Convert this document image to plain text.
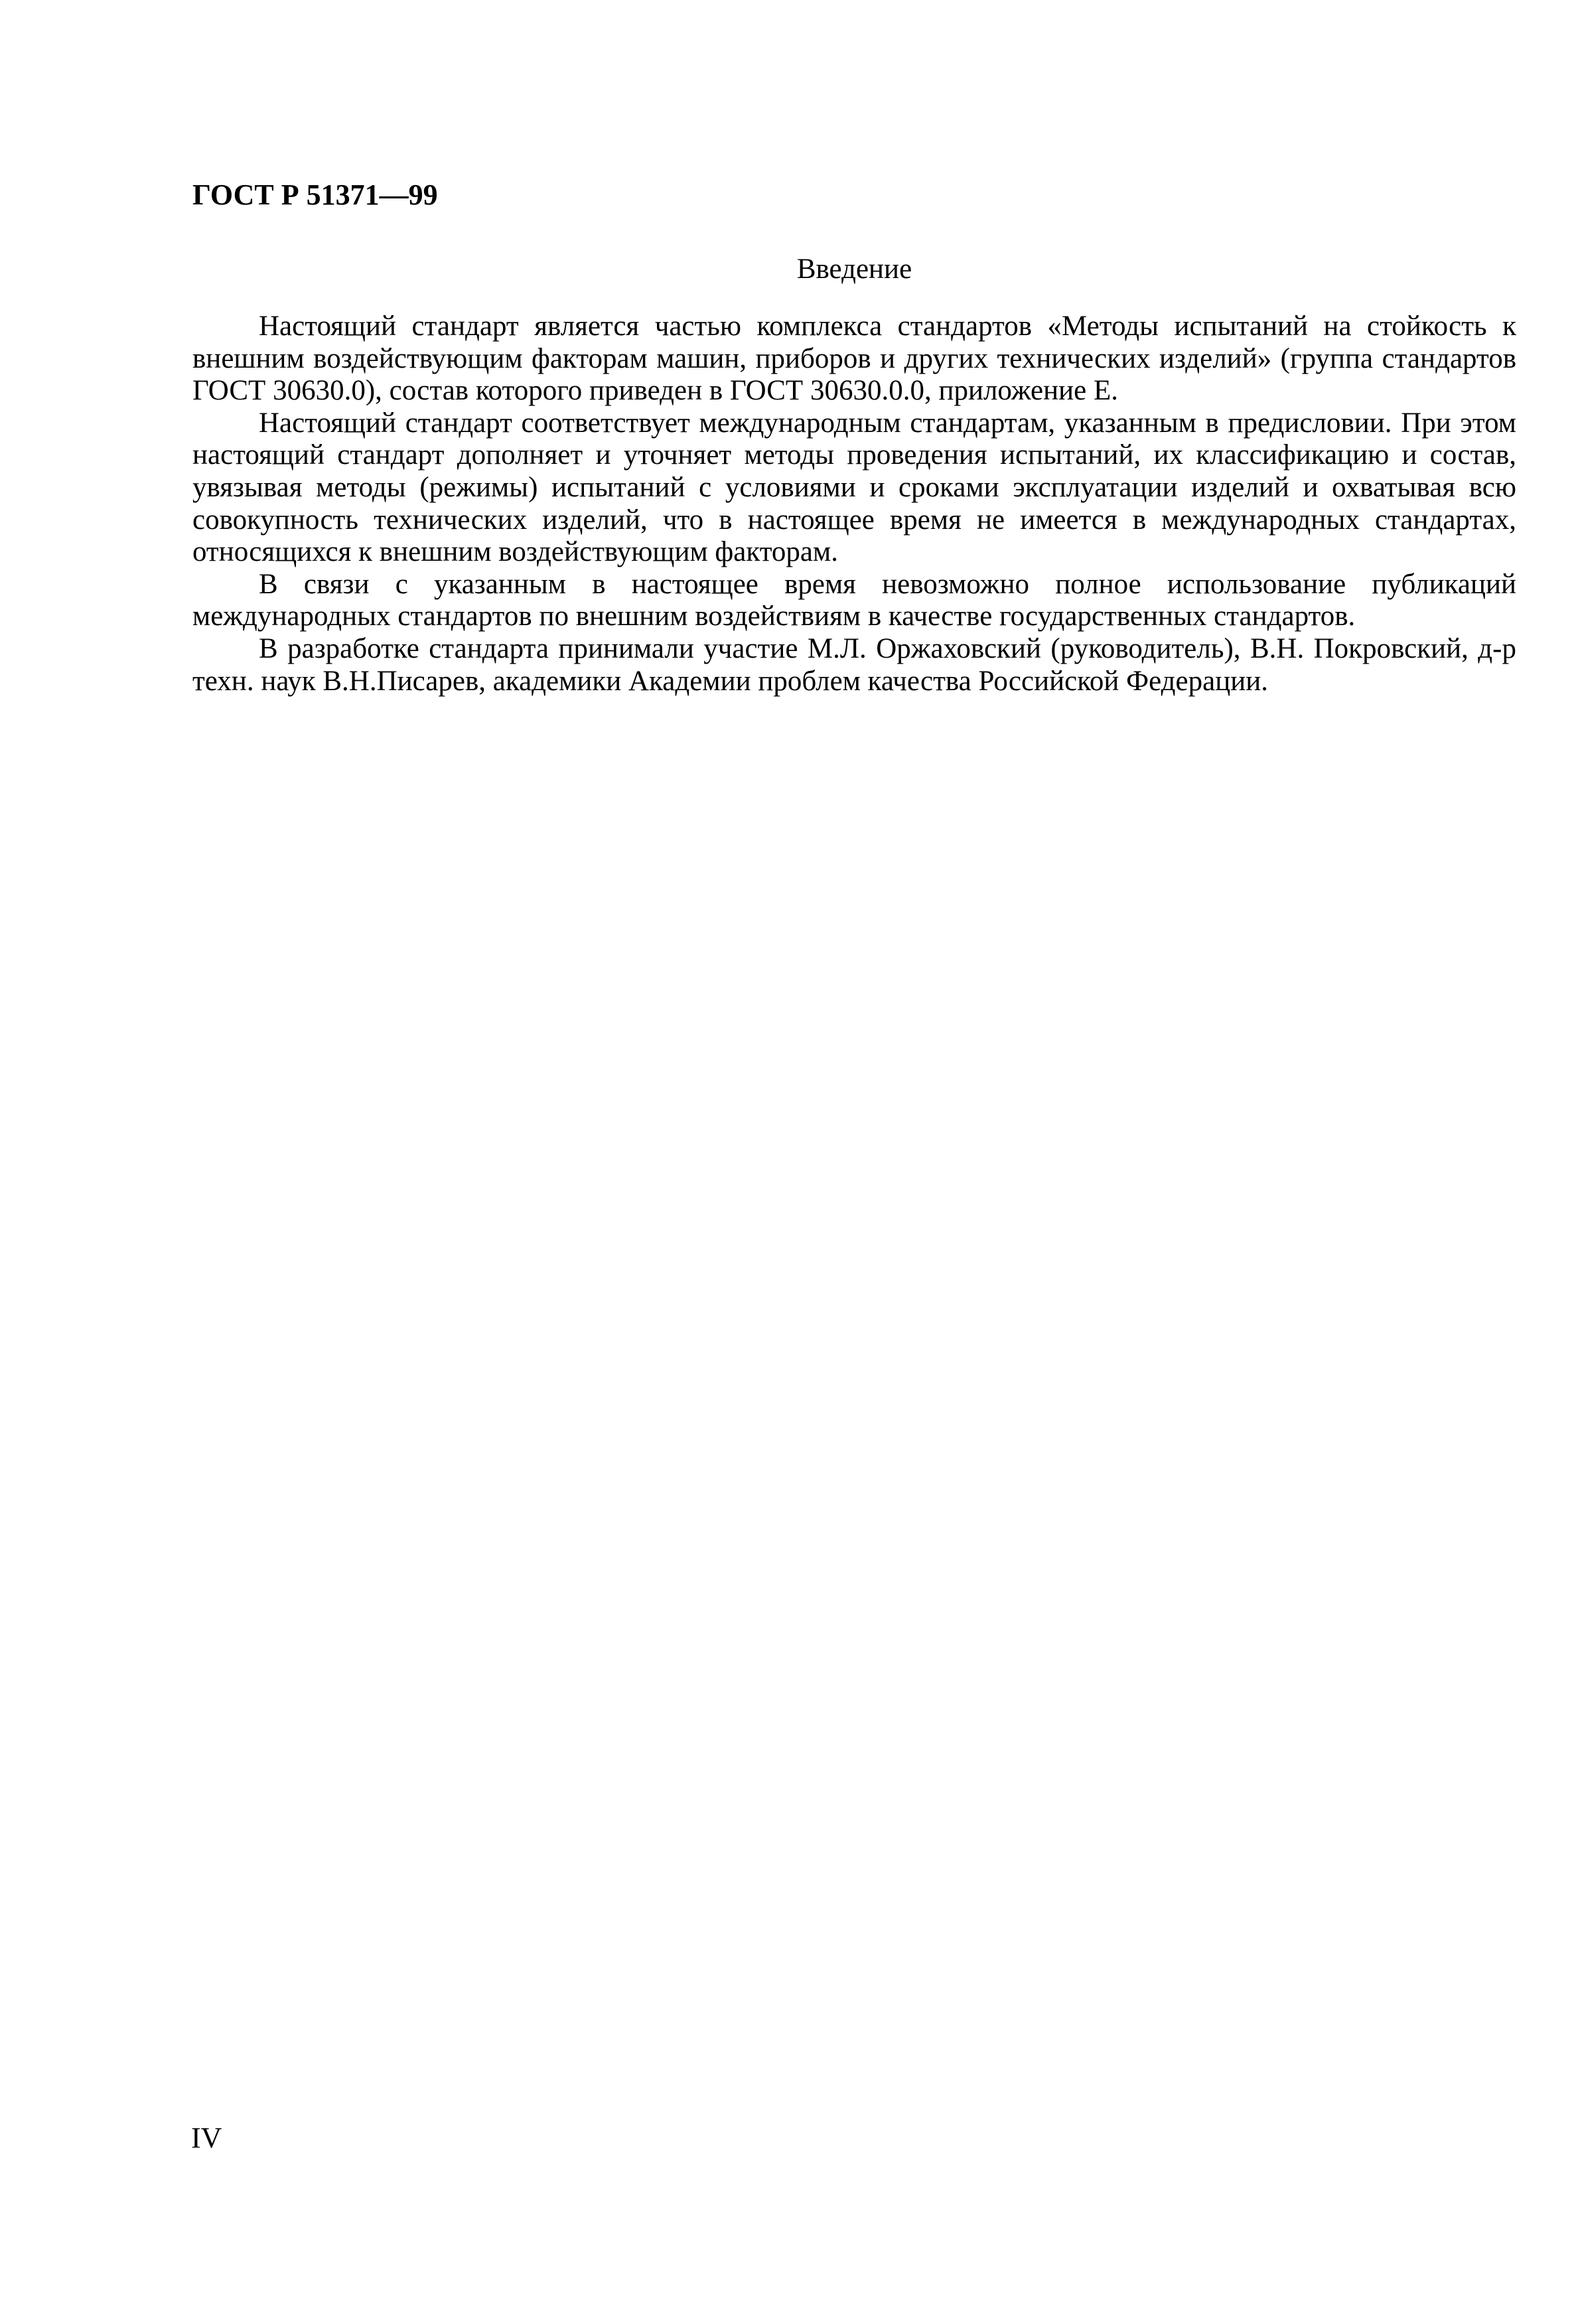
ГОСТ Р 51371—99
Введение

Настоящий стандарт является частью комплекса стандартов «Методы испытаний на стойкость к внешним воздействующим факторам машин, приборов и других технических изделий» (группа стандартов ГОСТ 30630.0), состав которого приведен в ГОСТ 30630.0.0, приложение Е.

Настоящий стандарт соответствует международным стандартам, указанным в предисловии. При этом настоящий стандарт дополняет и уточняет методы проведения испытаний, их классификацию и состав, увязывая методы (режимы) испытаний с условиями и сроками эксплуатации изделий и охватывая всю совокупность технических изделий, что в настоящее время не имеется в международных стандартах, относящихся к внешним воздействующим факторам.

В связи с указанным в настоящее время невозможно полное использование публикаций международных стандартов по внешним воздействиям в качестве государственных стандартов.

В разработке стандарта принимали участие М.Л. Оржаховский (руководитель), В.Н. Покровский, д-р техн. наук В.Н.Писарев, академики Академии проблем качества Российской Федерации.

IV
